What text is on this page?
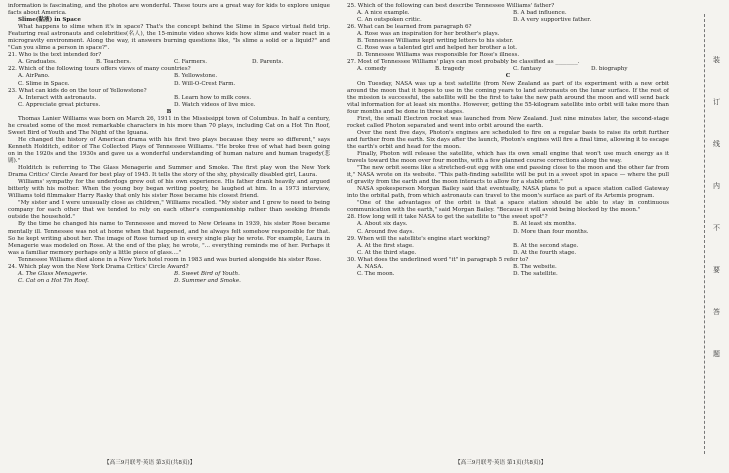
information is fascinating, and the photos are wonderful. These tours are a great way for kids to explore unique facts about America.

Slime(黏液) in Space

What happens to slime when it's in space? That's the concept behind the Slime in Space virtual field trip. Featuring real astronauts and celebrities(名人), the 15-minute video shows kids how slime and water react in a microgravity environment. Along the way, it answers burning questions like, "Is slime a solid or a liquid?" and "Can you slime a person in space?".

21. Who is the text intended for?

A. Graduates.	B. Teachers.	C. Farmers.	D. Parents.

22. Which of the following tours offers views of many countries?

A. AirPano.	B. Yellowstone.
C. Slime in Space.	D. Will-O-Crest Farm.

23. What can kids do on the tour of Yellowstone?

A. Interact with astronauts.	B. Learn how to milk cows.
C. Appreciate great pictures.	D. Watch videos of live mice.

B

Thomas Lanier Williams was born on March 26, 1911 in the Mississippi town of Columbus. In half a century, he created some of the most remarkable characters in his more than 70 plays, including Cat on a Hot Tin Roof, Sweet Bird of Youth and The Night of the Iguana.

He changed the history of American drama with his first two plays because they were so different," says Kenneth Holditch, editor of The Collected Plays of Tennessee Williams. "He broke free of what had been going on in the 1920s and the 1930s and gave us a wonderful understanding of human nature and human tragedy(悲剧)."

Holditch is referring to The Glass Menagerie and Summer and Smoke. The first play won the New York Drama Critics' Circle Award for best play of 1945. It tells the story of the shy, physically disabled girl, Laura.

Williams' sympathy for the underdogs grew out of his own experience. His father drank heavily and argued bitterly with his mother. When the young boy began writing poetry, he laughed at him. In a 1973 interview, Williams told filmmaker Harry Rasky that only his sister Rose became his closest friend.

"My sister and I were unusually close as children," Williams recalled. "My sister and I grew to need to being company for each other that we tended to rely on each other's companionship rather than seeking friends outside the household."

By the time he changed his name to Tennessee and moved to New Orleans in 1939, his sister Rose became mentally ill. Tennessee was not at home when that happened, and he always felt somehow responsible for that. So he kept writing about her. The image of Rose turned up in every single play he wrote. For example, Laura in Menagerie was modeled on Rose. At the end of the play, he wrote, "... everything reminds me of her. Perhaps it was a familiar memory perhaps only a little piece of glass...."

Tennessee Williams died alone in a New York hotel room in 1983 and was buried alongside his sister Rose.

24. Which play won the New York Drama Critics' Circle Award?

A. The Glass Menagerie.	B. Sweet Bird of Youth.
C. Cat on a Hot Tin Roof.	D. Summer and Smoke.

25. Which of the following can best describe Tennessee Williams' father?

A. A nice example.	B. A bad influence.
C. An outspoken critic.	D. A very supportive father.

26. What can be learned from paragraph 6?

A. Rose was an inspiration for her brother's plays.
B. Tennessee Williams kept writing letters to his sister.
C. Rose was a talented girl and helped her brother a lot.
D. Tennessee Williams was responsible for Rose's illness.

27. Most of Tennessee Williams' plays can most probably be classified as ________.

A. comedy	B. tragedy	C. fantasy	D. biography

C

On Tuesday, NASA was up a test satellite (from New Zealand as part of its experiment with a new orbit around the moon that it hopes to use in the coming years to land astronauts on the lunar surface. If the rest of the mission is successful, the satellite will be the first to take the new path around the moon and will send back vital information for at least six months. However, getting the 55-kilogram satellite into orbit will take more than four months and be done in three stages.

First, the small Electron rocket was launched from New Zealand. Just nine minutes later, the second-stage rocket called Photon separated and went into orbit around the earth.

Over the next five days, Photon's engines are scheduled to fire on a regular basis to raise its orbit further and further from the earth. Six days after the launch, Photon's engines will fire a final time, allowing it to escape the earth's orbit and head for the moon.

Finally, Photon will release the satellite, which has its own small engine that won't use much energy as it travels toward the moon over four months, with a few planned course corrections along the way.

"The new orbit seems like a stretched-out egg with one end passing close to the moon and the other far from it," NASA wrote on its website. "This path-finding satellite will be put in a sweet spot in space — where the pull of gravity from the earth and the moon interacts to allow for a stable orbit."

NASA spokesperson Morgan Bailey said that eventually, NASA plans to put a space station called Gateway into the orbital path, from which astronauts can travel to the moon's surface as part of its Artemis program.

"One of the advantages of the orbit is that a space station should be able to stay in continuous communication with the earth," said Morgan Bailey. "Because it will avoid being blocked by the moon."

28. How long will it take NASA to get the satellite to "the sweet spot"?

A. About six days.	B. At least six months.
C. Around five days.	D. More than four months.

29. When will the satellite's engine start working?

A. At the first stage.	B. At the second stage.
C. At the third stage.	D. At the fourth stage.

30. What does the underlined word "it" in paragraph 5 refer to?

A. NASA.	B. The website.
C. The moon.	D. The satellite.
【高三9月联考·英语 第3页(共8页)】	【高三9月联考·英语 第1页(共8页)】
装
订
线
内
不
要
答
题
